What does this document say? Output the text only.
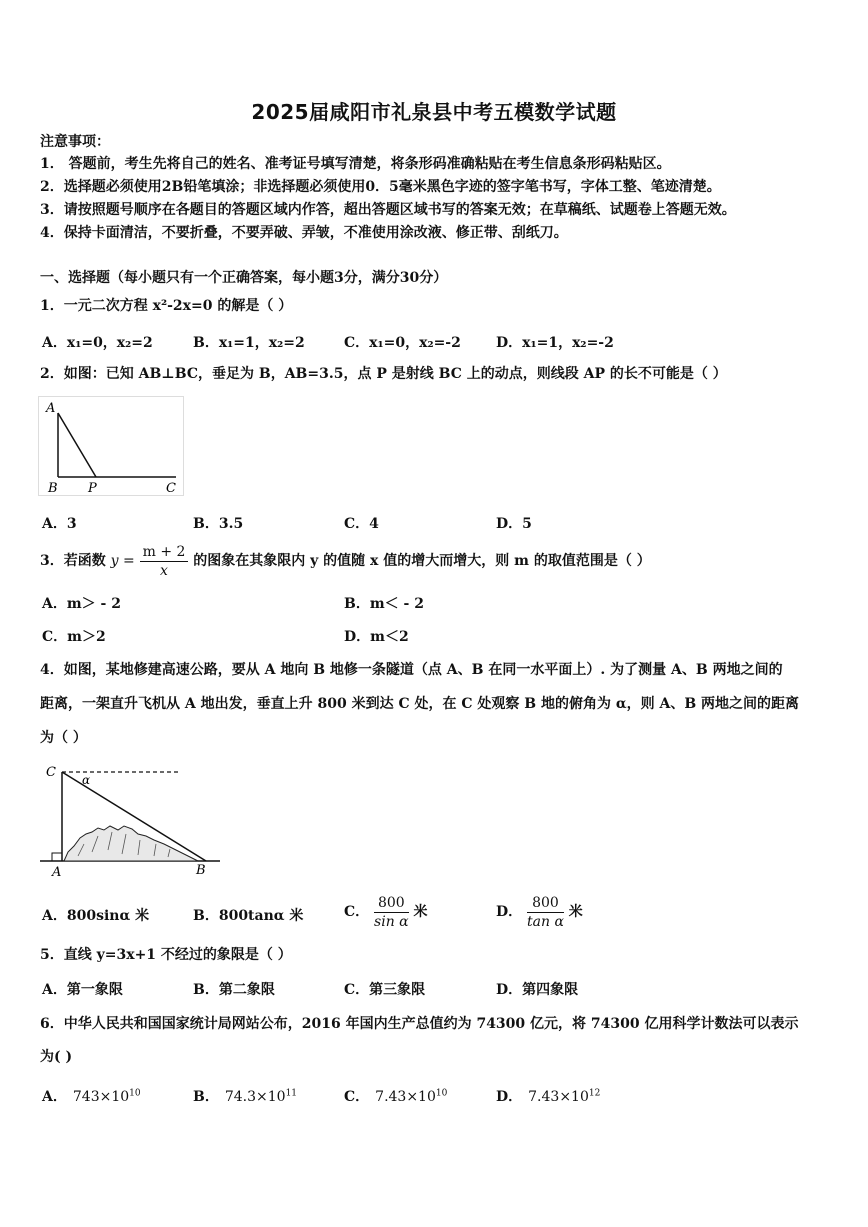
2025届咸阳市礼泉县中考五模数学试题
注意事项：
1． 答题前，考生先将自己的姓名、准考证号填写清楚，将条形码准确粘贴在考生信息条形码粘贴区。
2．选择题必须使用2B铅笔填涂；非选择题必须使用0．5毫米黑色字迹的签字笔书写，字体工整、笔迹清楚。
3．请按照题号顺序在各题目的答题区域内作答，超出答题区域书写的答案无效；在草稿纸、试题卷上答题无效。
4．保持卡面清洁，不要折叠，不要弄破、弄皱，不准使用涂改液、修正带、刮纸刀。
一、选择题（每小题只有一个正确答案，每小题3分，满分30分）
1．一元二次方程 x²-2x=0 的解是（ ）
A．x₁=0，x₂=2	B．x₁=1，x₂=2	C．x₁=0，x₂=-2	D．x₁=1，x₂=-2
2．如图：已知 AB⊥BC，垂足为 B，AB=3.5，点 P 是射线 BC 上的动点，则线段 AP 的长不可能是（ ）
A
B P	C
A．3	B．3.5	C．4	D．5
3．若函数 $y = \frac{m + 2}{x}$ 的图象在其象限内 y 的值随 x 值的增大而增大，则 m 的取值范围是（ ）
A．m＞ - 2	B．m＜ - 2
C．m＞2	D．m＜2
4．如图，某地修建高速公路，要从 A 地向 B 地修一条隧道（点 A、B 在同一水平面上）. 为了测量 A、B 两地之间的
距离，一架直升飞机从 A 地出发，垂直上升 800 米到达 C 处，在 C 处观察 B 地的俯角为 α，则 A、B 两地之间的距离
为（ ）
C α
A	B
A．800sinα 米	B．800tanα 米	C． $\frac{800}{\text{sin α}}$ 米	D． $\frac{800}{\text{tan α}}$ 米
5．直线 y=3x+1 不经过的象限是（ ）
A．第一象限	B．第二象限	C．第三象限	D．第四象限
6．中华人民共和国国家统计局网站公布，2016 年国内生产总值约为 74300 亿元，将 74300 亿用科学计数法可以表示
为( )
A． $743\times 10^{10}$	B． $74.3\times 10^{11}$	C． $7.43\times 10^{10}$	D． $7.43\times 10^{12}$
